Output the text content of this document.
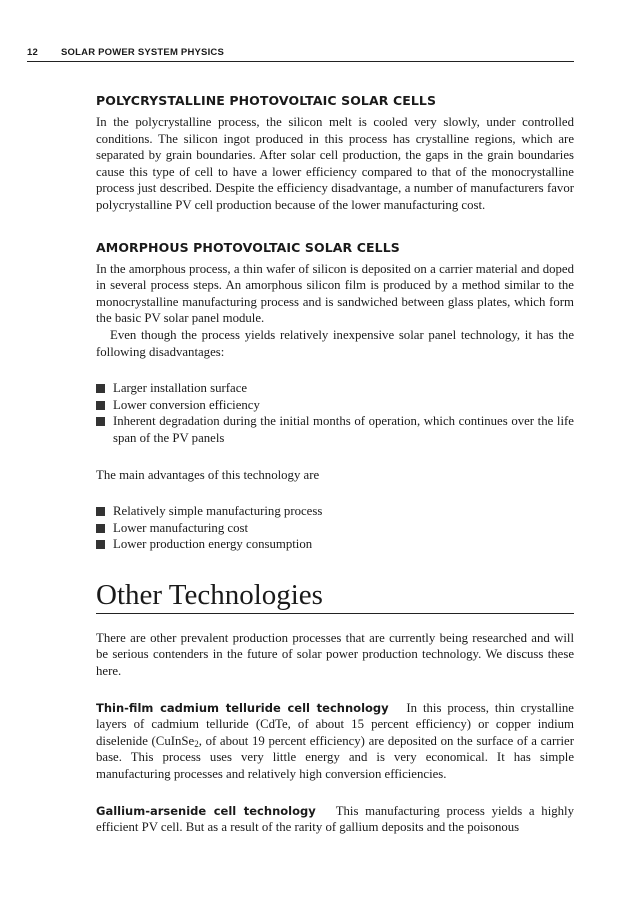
12 SOLAR POWER SYSTEM PHYSICS
POLYCRYSTALLINE PHOTOVOLTAIC SOLAR CELLS

In the polycrystalline process, the silicon melt is cooled very slowly, under controlled conditions. The silicon ingot produced in this process has crystalline regions, which are separated by grain boundaries. After solar cell production, the gaps in the grain boundaries cause this type of cell to have a lower efficiency compared to that of the monocrystalline process just described. Despite the efficiency disadvantage, a number of manufacturers favor polycrystalline PV cell production because of the lower manufacturing cost.

AMORPHOUS PHOTOVOLTAIC SOLAR CELLS

In the amorphous process, a thin wafer of silicon is deposited on a carrier material and doped in several process steps. An amorphous silicon film is produced by a method similar to the monocrystalline manufacturing process and is sandwiched between glass plates, which form the basic PV solar panel module.

Even though the process yields relatively inexpensive solar panel technology, it has the following disadvantages:

Larger installation surface
Lower conversion efficiency
Inherent degradation during the initial months of operation, which continues over the life span of the PV panels

The main advantages of this technology are

Relatively simple manufacturing process
Lower manufacturing cost
Lower production energy consumption
Other Technologies

There are other prevalent production processes that are currently being researched and will be serious contenders in the future of solar power production technology. We discuss these here.

Thin-film cadmium telluride cell technology In this process, thin crystalline layers of cadmium telluride (CdTe, of about 15 percent efficiency) or copper indium diselenide (CuInSe$_2$, of about 19 percent efficiency) are deposited on the surface of a carrier base. This process uses very little energy and is very economical. It has simple manufacturing processes and relatively high conversion efficiencies.

Gallium-arsenide cell technology This manufacturing process yields a highly efficient PV cell. But as a result of the rarity of gallium deposits and the poisonous
